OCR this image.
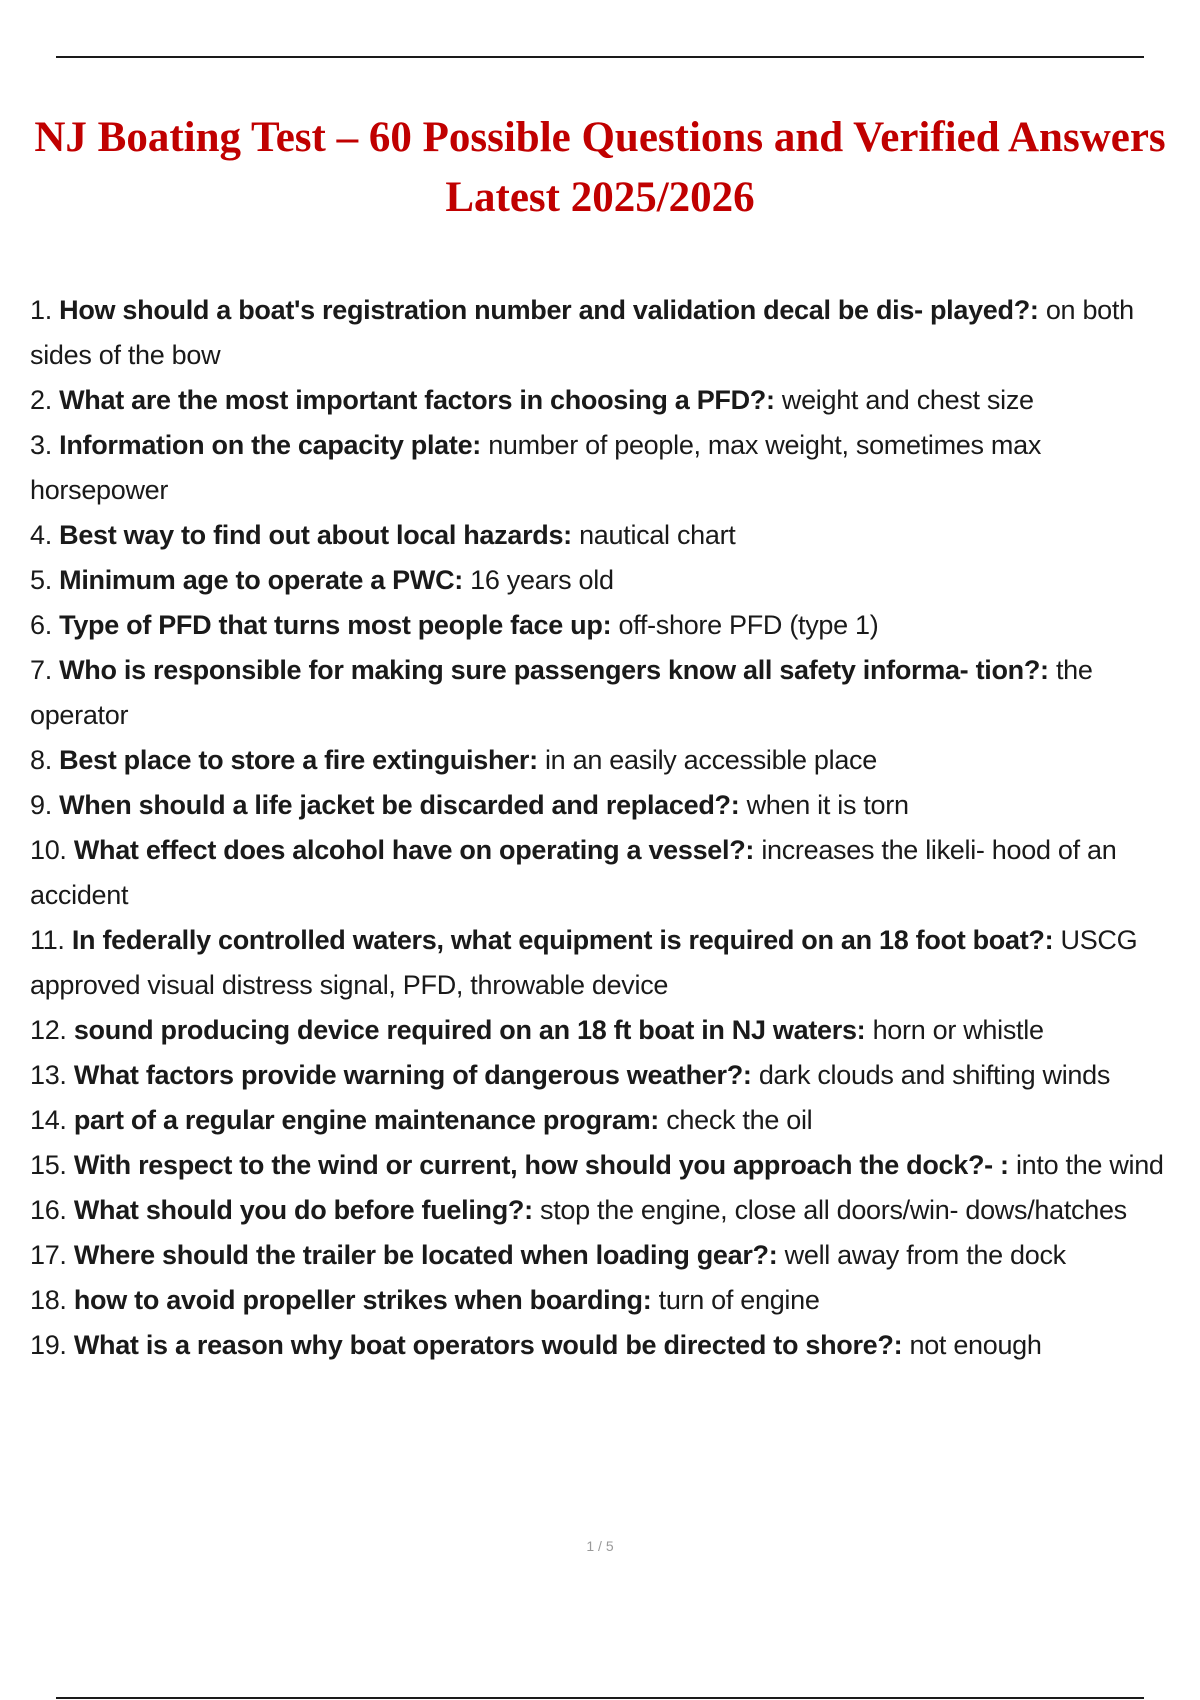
NJ Boating Test – 60 Possible Questions and Verified Answers
Latest 2025/2026

1. How should a boat's registration number and validation decal be dis- played?: on both sides of the bow

2. What are the most important factors in choosing a PFD?: weight and chest size

3. Information on the capacity plate: number of people, max weight, sometimes max horsepower

4. Best way to find out about local hazards: nautical chart

5. Minimum age to operate a PWC: 16 years old

6. Type of PFD that turns most people face up: off-shore PFD (type 1)

7. Who is responsible for making sure passengers know all safety informa- tion?: the operator

8. Best place to store a fire extinguisher: in an easily accessible place

9. When should a life jacket be discarded and replaced?: when it is torn

10. What effect does alcohol have on operating a vessel?: increases the likeli- hood of an accident

11. In federally controlled waters, what equipment is required on an 18 foot boat?: USCG approved visual distress signal, PFD, throwable device

12. sound producing device required on an 18 ft boat in NJ waters: horn or whistle

13. What factors provide warning of dangerous weather?: dark clouds and shifting winds

14. part of a regular engine maintenance program: check the oil

15. With respect to the wind or current, how should you approach the dock?- : into the wind

16. What should you do before fueling?: stop the engine, close all doors/win- dows/hatches

17. Where should the trailer be located when loading gear?: well away from the dock

18. how to avoid propeller strikes when boarding: turn of engine

19. What is a reason why boat operators would be directed to shore?: not enough

1 / 5
